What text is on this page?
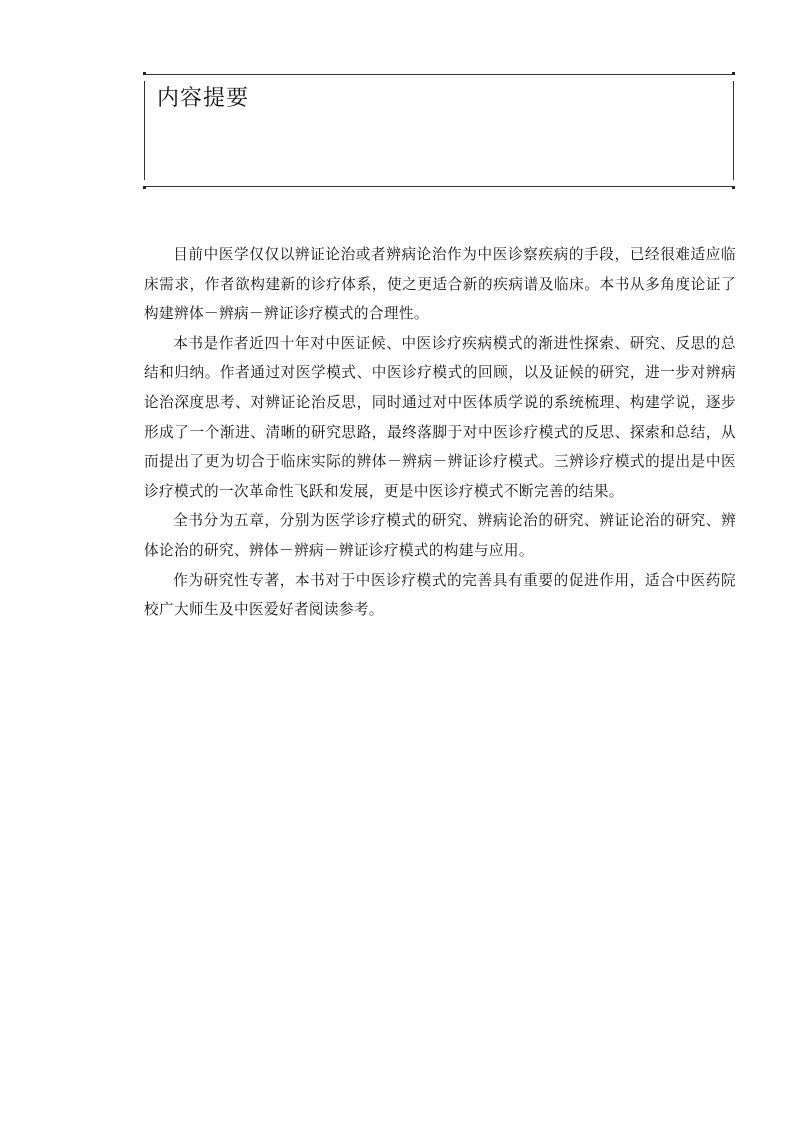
内容提要

目前中医学仅仅以辨证论治或者辨病论治作为中医诊察疾病的手段，已经很难适应临床需求，作者欲构建新的诊疗体系，使之更适合新的疾病谱及临床。本书从多角度论证了构建辨体－辨病－辨证诊疗模式的合理性。

本书是作者近四十年对中医证候、中医诊疗疾病模式的渐进性探索、研究、反思的总结和归纳。作者通过对医学模式、中医诊疗模式的回顾，以及证候的研究，进一步对辨病论治深度思考、对辨证论治反思，同时通过对中医体质学说的系统梳理、构建学说，逐步形成了一个渐进、清晰的研究思路，最终落脚于对中医诊疗模式的反思、探索和总结，从而提出了更为切合于临床实际的辨体－辨病－辨证诊疗模式。三辨诊疗模式的提出是中医诊疗模式的一次革命性飞跃和发展，更是中医诊疗模式不断完善的结果。

全书分为五章，分别为医学诊疗模式的研究、辨病论治的研究、辨证论治的研究、辨体论治的研究、辨体－辨病－辨证诊疗模式的构建与应用。

作为研究性专著，本书对于中医诊疗模式的完善具有重要的促进作用，适合中医药院校广大师生及中医爱好者阅读参考。
